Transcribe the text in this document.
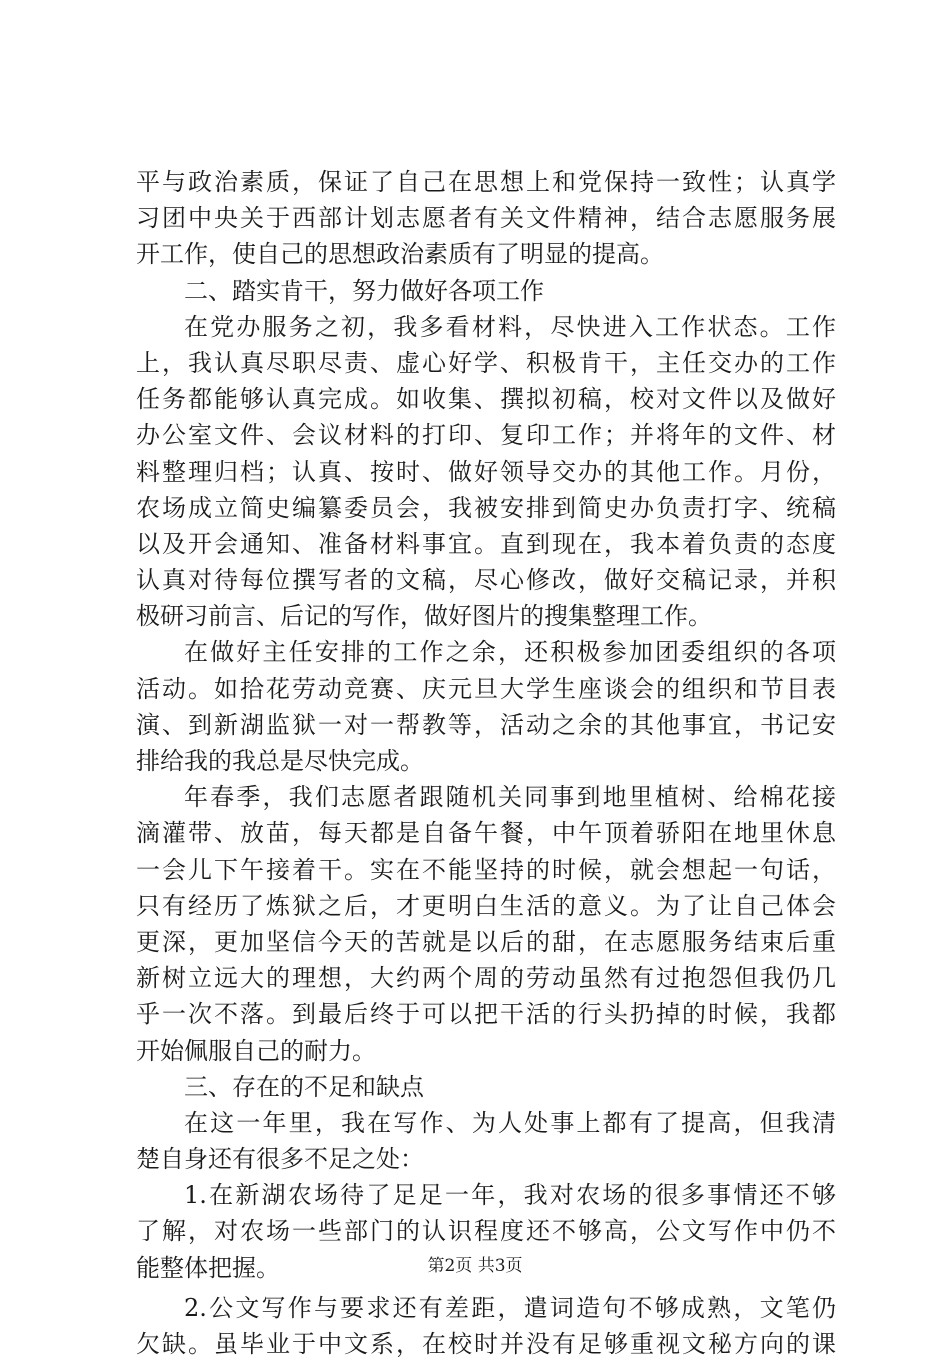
平与政治素质，保证了自己在思想上和党保持一致性；认真学
习团中央关于西部计划志愿者有关文件精神，结合志愿服务展
开工作，使自己的思想政治素质有了明显的提高。
二、踏实肯干，努力做好各项工作
在党办服务之初，我多看材料，尽快进入工作状态。工作
上，我认真尽职尽责、虚心好学、积极肯干，主任交办的工作
任务都能够认真完成。如收集、撰拟初稿，校对文件以及做好
办公室文件、会议材料的打印、复印工作；并将年的文件、材
料整理归档；认真、按时、做好领导交办的其他工作。月份，
农场成立简史编纂委员会，我被安排到简史办负责打字、统稿
以及开会通知、准备材料事宜。直到现在，我本着负责的态度
认真对待每位撰写者的文稿，尽心修改，做好交稿记录，并积
极研习前言、后记的写作，做好图片的搜集整理工作。
在做好主任安排的工作之余，还积极参加团委组织的各项
活动。如拾花劳动竞赛、庆元旦大学生座谈会的组织和节目表
演、到新湖监狱一对一帮教等，活动之余的其他事宜，书记安
排给我的我总是尽快完成。
年春季，我们志愿者跟随机关同事到地里植树、给棉花接
滴灌带、放苗，每天都是自备午餐，中午顶着骄阳在地里休息
一会儿下午接着干。实在不能坚持的时候，就会想起一句话，
只有经历了炼狱之后，才更明白生活的意义。为了让自己体会
更深，更加坚信今天的苦就是以后的甜，在志愿服务结束后重
新树立远大的理想，大约两个周的劳动虽然有过抱怨但我仍几
乎一次不落。到最后终于可以把干活的行头扔掉的时候，我都
开始佩服自己的耐力。
三、存在的不足和缺点
在这一年里，我在写作、为人处事上都有了提高，但我清
楚自身还有很多不足之处：
1.在新湖农场待了足足一年，我对农场的很多事情还不够
了解，对农场一些部门的认识程度还不够高，公文写作中仍不
能整体把握。
2.公文写作与要求还有差距，遣词造句不够成熟，文笔仍
欠缺。虽毕业于中文系，在校时并没有足够重视文秘方向的课
第2页 共3页
